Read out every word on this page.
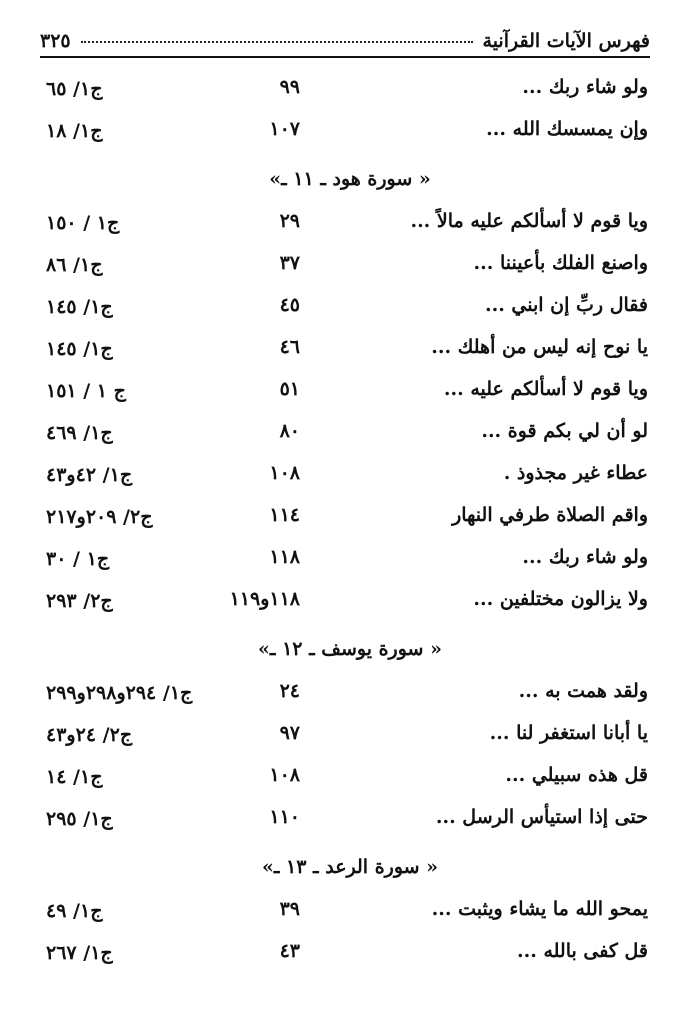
٣٢٥	فهرس الآيات القرآنية
ولو شاء ربك ...
٩٩
ج١/ ٦٥
وإن يمسسك الله ...
١٠٧
ج١/ ١٨
« سورة هود ـ ١١ ـ»
ويا قوم لا أسألكم عليه مالاً ...
٢٩
ج١ / ١٥٠
واصنع الفلك بأعيننا ...
٣٧
ج١/ ٨٦
فقال ربِّ إن ابني ...
٤٥
ج١/ ١٤٥
يا نوح إنه ليس من أهلك ...
٤٦
ج١/ ١٤٥
ويا قوم لا أسألكم عليه ...
٥١
ج ١ / ١٥١
لو أن لي بكم قوة ...
٨٠
ج١/ ٤٦٩
عطاء غير مجذوذ .
١٠٨
ج١/ ٤٢و٤٣
واقم الصلاة طرفي النهار
١١٤
ج٢/ ٢٠٩و٢١٧
ولو شاء ربك ...
١١٨
ج١ / ٣٠
ولا يزالون مختلفين ...
١١٨و١١٩
ج٢/ ٢٩٣
« سورة يوسف ـ ١٢ ـ»
ولقد همت به ...
٢٤
ج١/ ٢٩٤و٢٩٨و٢٩٩
يا أبانا استغفر لنا ...
٩٧
ج٢/ ٢٤و٤٣
قل هذه سبيلي ...
١٠٨
ج١/ ١٤
حتى إذا استيأس الرسل ...
١١٠
ج١/ ٢٩٥
« سورة الرعد ـ ١٣ ـ»
يمحو الله ما يشاء ويثبت ...
٣٩
ج١/ ٤٩
قل كفى بالله ...
٤٣
ج١/ ٢٦٧
